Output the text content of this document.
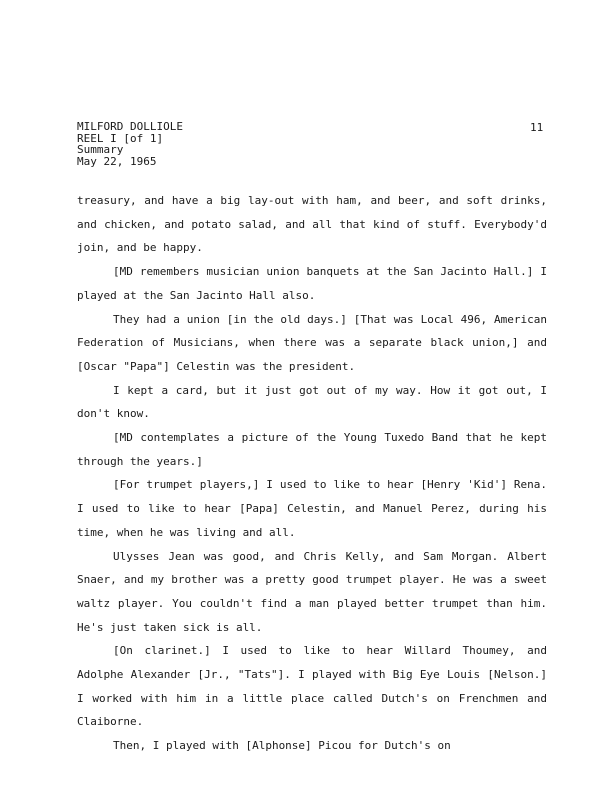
MILFORD DOLLIOLE
REEL I [of 1]
Summary
May 22, 1965
11

treasury, and have a big lay-out with ham, and beer, and soft drinks, and chicken, and potato salad, and all that kind of stuff. Everybody'd join, and be happy.

[MD remembers musician union banquets at the San Jacinto Hall.] I played at the San Jacinto Hall also.

They had a union [in the old days.] [That was Local 496, American Federation of Musicians, when there was a separate black union,] and [Oscar "Papa"] Celestin was the president.

I kept a card, but it just got out of my way. How it got out, I don't know.

[MD contemplates a picture of the Young Tuxedo Band that he kept through the years.]

[For trumpet players,] I used to like to hear [Henry 'Kid'] Rena. I used to like to hear [Papa] Celestin, and Manuel Perez, during his time, when he was living and all.

Ulysses Jean was good, and Chris Kelly, and Sam Morgan. Albert Snaer, and my brother was a pretty good trumpet player. He was a sweet waltz player. You couldn't find a man played better trumpet than him. He's just taken sick is all.

[On clarinet.] I used to like to hear Willard Thoumey, and Adolphe Alexander [Jr., "Tats"]. I played with Big Eye Louis [Nelson.] I worked with him in a little place called Dutch's on Frenchmen and Claiborne.

Then, I played with [Alphonse] Picou for Dutch's on
